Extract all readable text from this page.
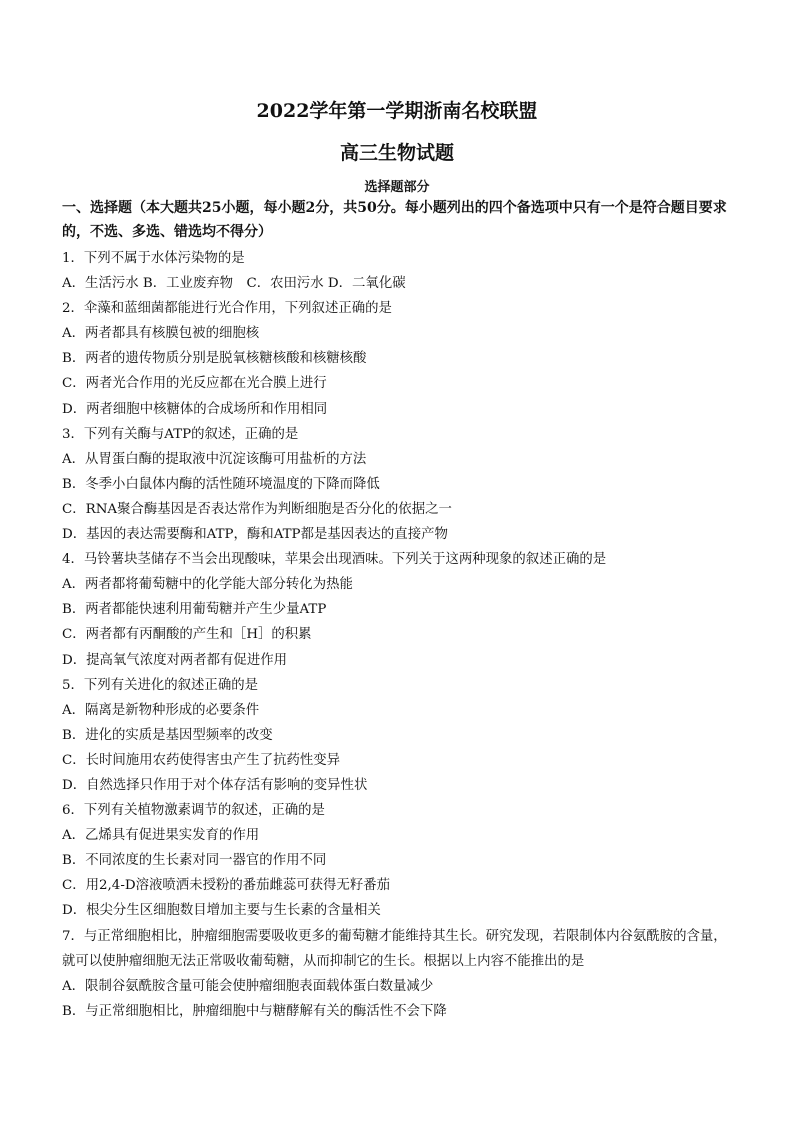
2022学年第一学期浙南名校联盟
高三生物试题
选择题部分
一、选择题（本大题共25小题，每小题2分，共50分。每小题列出的四个备选项中只有一个是符合题目要求的，不选、多选、错选均不得分）
1．下列不属于水体污染物的是
A．生活污水 B．工业废弃物　C．农田污水 D．二氧化碳
2．伞藻和蓝细菌都能进行光合作用，下列叙述正确的是
A．两者都具有核膜包被的细胞核
B．两者的遗传物质分别是脱氧核糖核酸和核糖核酸
C．两者光合作用的光反应都在光合膜上进行
D．两者细胞中核糖体的合成场所和作用相同
3．下列有关酶与ATP的叙述，正确的是
A．从胃蛋白酶的提取液中沉淀该酶可用盐析的方法
B．冬季小白鼠体内酶的活性随环境温度的下降而降低
C．RNA聚合酶基因是否表达常作为判断细胞是否分化的依据之一
D．基因的表达需要酶和ATP，酶和ATP都是基因表达的直接产物
4．马铃薯块茎储存不当会出现酸味，苹果会出现酒味。下列关于这两种现象的叙述正确的是
A．两者都将葡萄糖中的化学能大部分转化为热能
B．两者都能快速利用葡萄糖并产生少量ATP
C．两者都有丙酮酸的产生和［H］的积累
D．提高氧气浓度对两者都有促进作用
5．下列有关进化的叙述正确的是
A．隔离是新物种形成的必要条件
B．进化的实质是基因型频率的改变
C．长时间施用农药使得害虫产生了抗药性变异
D．自然选择只作用于对个体存活有影响的变异性状
6．下列有关植物激素调节的叙述，正确的是
A．乙烯具有促进果实发育的作用
B．不同浓度的生长素对同一器官的作用不同
C．用2,4-D溶液喷洒未授粉的番茄雌蕊可获得无籽番茄
D．根尖分生区细胞数目增加主要与生长素的含量相关
7．与正常细胞相比，肿瘤细胞需要吸收更多的葡萄糖才能维持其生长。研究发现，若限制体内谷氨酰胺的含量，就可以使肿瘤细胞无法正常吸收葡萄糖，从而抑制它的生长。根据以上内容不能推出的是
A．限制谷氨酰胺含量可能会使肿瘤细胞表面载体蛋白数量减少
B．与正常细胞相比，肿瘤细胞中与糖酵解有关的酶活性不会下降
